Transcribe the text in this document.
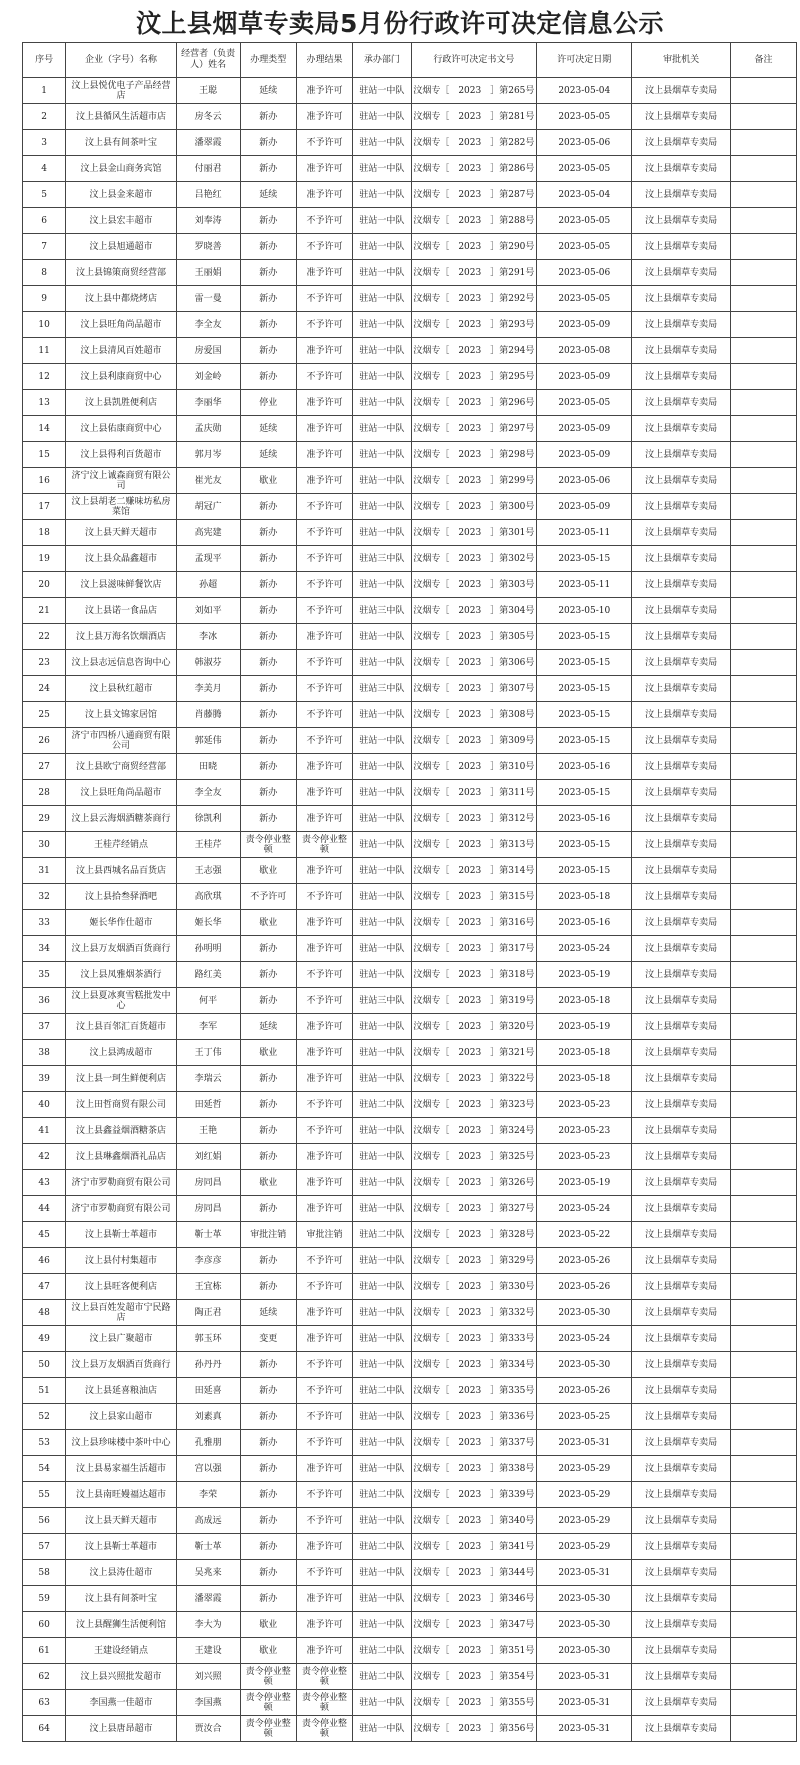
汶上县烟草专卖局5月份行政许可决定信息公示
序号	企业（字号）名称	经营者（负责人）姓名	办理类型	办理结果	承办部门	行政许可决定书文号	许可决定日期	审批机关	备注
1	汶上县悦优电子产品经营店	王聪	延续	准予许可	驻站一中队	汶烟专［　2023　］第265号	2023-05-04	汶上县烟草专卖局	
2	汶上县循风生活超市店	房冬云	新办	准予许可	驻站一中队	汶烟专［　2023　］第281号	2023-05-05	汶上县烟草专卖局	
3	汶上县有间茶叶宝	潘翠霞	新办	不予许可	驻站一中队	汶烟专［　2023　］第282号	2023-05-06	汶上县烟草专卖局	
4	汶上县金山商务宾馆	付丽君	新办	准予许可	驻站一中队	汶烟专［　2023　］第286号	2023-05-05	汶上县烟草专卖局	
5	汶上县金来超市	吕艳红	延续	准予许可	驻站一中队	汶烟专［　2023　］第287号	2023-05-04	汶上县烟草专卖局	
6	汶上县宏丰超市	刘奉涛	新办	不予许可	驻站一中队	汶烟专［　2023　］第288号	2023-05-05	汶上县烟草专卖局	
7	汶上县旭通超市	罗晓善	新办	不予许可	驻站一中队	汶烟专［　2023　］第290号	2023-05-05	汶上县烟草专卖局	
8	汶上县锦策商贸经营部	王丽娟	新办	准予许可	驻站一中队	汶烟专［　2023　］第291号	2023-05-06	汶上县烟草专卖局	
9	汶上县中都烧烤店	雷一曼	新办	不予许可	驻站一中队	汶烟专［　2023　］第292号	2023-05-05	汶上县烟草专卖局	
10	汶上县旺角尚品超市	李全友	新办	不予许可	驻站一中队	汶烟专［　2023　］第293号	2023-05-09	汶上县烟草专卖局	
11	汶上县清风百姓超市	房爱国	新办	准予许可	驻站一中队	汶烟专［　2023　］第294号	2023-05-08	汶上县烟草专卖局	
12	汶上县利康商贸中心	刘金岭	新办	不予许可	驻站一中队	汶烟专［　2023　］第295号	2023-05-09	汶上县烟草专卖局	
13	汶上县凯胜便利店	李丽华	停业	准予许可	驻站一中队	汶烟专［　2023　］第296号	2023-05-05	汶上县烟草专卖局	
14	汶上县佑康商贸中心	孟庆勋	延续	准予许可	驻站一中队	汶烟专［　2023　］第297号	2023-05-09	汶上县烟草专卖局	
15	汶上县得利百货超市	郭月岑	延续	准予许可	驻站一中队	汶烟专［　2023　］第298号	2023-05-09	汶上县烟草专卖局	
16	济宁汶上诚森商贸有限公司	崔光友	歇业	准予许可	驻站一中队	汶烟专［　2023　］第299号	2023-05-06	汶上县烟草专卖局	
17	汶上县胡老二赚味坊私房菜馆	胡冠广	新办	不予许可	驻站一中队	汶烟专［　2023　］第300号	2023-05-09	汶上县烟草专卖局	
18	汶上县天鲜天超市	高宪建	新办	不予许可	驻站一中队	汶烟专［　2023　］第301号	2023-05-11	汶上县烟草专卖局	
19	汶上县众晶鑫超市	孟现平	新办	不予许可	驻站三中队	汶烟专［　2023　］第302号	2023-05-15	汶上县烟草专卖局	
20	汶上县滋味鲜餐饮店	孙超	新办	不予许可	驻站一中队	汶烟专［　2023　］第303号	2023-05-11	汶上县烟草专卖局	
21	汶上县诺一食品店	刘如平	新办	不予许可	驻站三中队	汶烟专［　2023　］第304号	2023-05-10	汶上县烟草专卖局	
22	汶上县万海名饮烟酒店	李冰	新办	准予许可	驻站一中队	汶烟专［　2023　］第305号	2023-05-15	汶上县烟草专卖局	
23	汶上县志远信息咨询中心	韩淑芬	新办	不予许可	驻站一中队	汶烟专［　2023　］第306号	2023-05-15	汶上县烟草专卖局	
24	汶上县秋红超市	李美月	新办	不予许可	驻站三中队	汶烟专［　2023　］第307号	2023-05-15	汶上县烟草专卖局	
25	汶上县文锦家居馆	肖藤腾	新办	不予许可	驻站一中队	汶烟专［　2023　］第308号	2023-05-15	汶上县烟草专卖局	
26	济宁市四桥八通商贸有限公司	郭延伟	新办	不予许可	驻站一中队	汶烟专［　2023　］第309号	2023-05-15	汶上县烟草专卖局	
27	汶上县欧宁商贸经营部	田晓	新办	准予许可	驻站一中队	汶烟专［　2023　］第310号	2023-05-16	汶上县烟草专卖局	
28	汶上县旺角尚品超市	李全友	新办	准予许可	驻站一中队	汶烟专［　2023　］第311号	2023-05-15	汶上县烟草专卖局	
29	汶上县云海烟酒糖茶商行	徐凯利	新办	准予许可	驻站一中队	汶烟专［　2023　］第312号	2023-05-16	汶上县烟草专卖局	
30	王桂芹经销点	王桂芹	责令停业整顿	责令停业整顿	驻站一中队	汶烟专［　2023　］第313号	2023-05-15	汶上县烟草专卖局	
31	汶上县西城名品百货店	王志强	歇业	准予许可	驻站一中队	汶烟专［　2023　］第314号	2023-05-15	汶上县烟草专卖局	
32	汶上县拾叁驿酒吧	高欣琪	不予许可	不予许可	驻站一中队	汶烟专［　2023　］第315号	2023-05-18	汶上县烟草专卖局	
33	姬长华作仕超市	姬长华	歇业	准予许可	驻站一中队	汶烟专［　2023　］第316号	2023-05-16	汶上县烟草专卖局	
34	汶上县万友烟酒百货商行	孙明明	新办	准予许可	驻站一中队	汶烟专［　2023　］第317号	2023-05-24	汶上县烟草专卖局	
35	汶上县凤雅烟茶酒行	路红美	新办	不予许可	驻站一中队	汶烟专［　2023　］第318号	2023-05-19	汶上县烟草专卖局	
36	汶上县夏冰爽雪糕批发中心	何平	新办	不予许可	驻站三中队	汶烟专［　2023　］第319号	2023-05-18	汶上县烟草专卖局	
37	汶上县百邻汇百货超市	李军	延续	准予许可	驻站一中队	汶烟专［　2023　］第320号	2023-05-19	汶上县烟草专卖局	
38	汶上县鸿成超市	王丁伟	歇业	准予许可	驻站一中队	汶烟专［　2023　］第321号	2023-05-18	汶上县烟草专卖局	
39	汶上县一珂生鲜便利店	李瑞云	新办	准予许可	驻站一中队	汶烟专［　2023　］第322号	2023-05-18	汶上县烟草专卖局	
40	汶上田哲商贸有限公司	田延哲	新办	不予许可	驻站二中队	汶烟专［　2023　］第323号	2023-05-23	汶上县烟草专卖局	
41	汶上县鑫益烟酒糖茶店	王艳	新办	不予许可	驻站一中队	汶烟专［　2023　］第324号	2023-05-23	汶上县烟草专卖局	
42	汶上县琳鑫烟酒礼品店	刘红娟	新办	准予许可	驻站一中队	汶烟专［　2023　］第325号	2023-05-23	汶上县烟草专卖局	
43	济宁市罗勒商贸有限公司	房同昌	歇业	准予许可	驻站一中队	汶烟专［　2023　］第326号	2023-05-19	汶上县烟草专卖局	
44	济宁市罗勒商贸有限公司	房同昌	新办	准予许可	驻站一中队	汶烟专［　2023　］第327号	2023-05-24	汶上县烟草专卖局	
45	汶上县靳士革超市	靳士革	审批注销	审批注销	驻站二中队	汶烟专［　2023　］第328号	2023-05-22	汶上县烟草专卖局	
46	汶上县付村集超市	李彦彦	新办	不予许可	驻站一中队	汶烟专［　2023　］第329号	2023-05-26	汶上县烟草专卖局	
47	汶上县旺客便利店	王宜栋	新办	不予许可	驻站一中队	汶烟专［　2023　］第330号	2023-05-26	汶上县烟草专卖局	
48	汶上县百姓发超市宁民路店	陶正君	延续	准予许可	驻站一中队	汶烟专［　2023　］第332号	2023-05-30	汶上县烟草专卖局	
49	汶上县广聚超市	郭玉环	变更	准予许可	驻站一中队	汶烟专［　2023　］第333号	2023-05-24	汶上县烟草专卖局	
50	汶上县万友烟酒百货商行	孙丹丹	新办	不予许可	驻站一中队	汶烟专［　2023　］第334号	2023-05-30	汶上县烟草专卖局	
51	汶上县延喜粮油店	田延喜	新办	不予许可	驻站二中队	汶烟专［　2023　］第335号	2023-05-26	汶上县烟草专卖局	
52	汶上县家山超市	刘素真	新办	不予许可	驻站一中队	汶烟专［　2023　］第336号	2023-05-25	汶上县烟草专卖局	
53	汶上县珍味楼中茶叶中心	孔雅朋	新办	不予许可	驻站一中队	汶烟专［　2023　］第337号	2023-05-31	汶上县烟草专卖局	
54	汶上县易家福生活超市	宫以强	新办	准予许可	驻站一中队	汶烟专［　2023　］第338号	2023-05-29	汶上县烟草专卖局	
55	汶上县南旺嫚福达超市	李荣	新办	不予许可	驻站二中队	汶烟专［　2023　］第339号	2023-05-29	汶上县烟草专卖局	
56	汶上县天鲜天超市	高成远	新办	不予许可	驻站一中队	汶烟专［　2023　］第340号	2023-05-29	汶上县烟草专卖局	
57	汶上县靳士革超市	靳士革	新办	准予许可	驻站二中队	汶烟专［　2023　］第341号	2023-05-29	汶上县烟草专卖局	
58	汶上县涛仕超市	吴兆来	新办	不予许可	驻站一中队	汶烟专［　2023　］第344号	2023-05-31	汶上县烟草专卖局	
59	汶上县有间茶叶宝	潘翠霞	新办	准予许可	驻站一中队	汶烟专［　2023　］第346号	2023-05-30	汶上县烟草专卖局	
60	汶上县醒狮生活便利馆	李大为	歇业	准予许可	驻站一中队	汶烟专［　2023　］第347号	2023-05-30	汶上县烟草专卖局	
61	王建设经销点	王建设	歇业	准予许可	驻站二中队	汶烟专［　2023　］第351号	2023-05-30	汶上县烟草专卖局	
62	汶上县兴照批发超市	刘兴照	责令停业整顿	责令停业整顿	驻站二中队	汶烟专［　2023　］第354号	2023-05-31	汶上县烟草专卖局	
63	李国燕一佳超市	李国燕	责令停业整顿	责令停业整顿	驻站一中队	汶烟专［　2023　］第355号	2023-05-31	汶上县烟草专卖局	
64	汶上县唐昂超市	贾汝合	责令停业整顿	责令停业整顿	驻站一中队	汶烟专［　2023　］第356号	2023-05-31	汶上县烟草专卖局	
